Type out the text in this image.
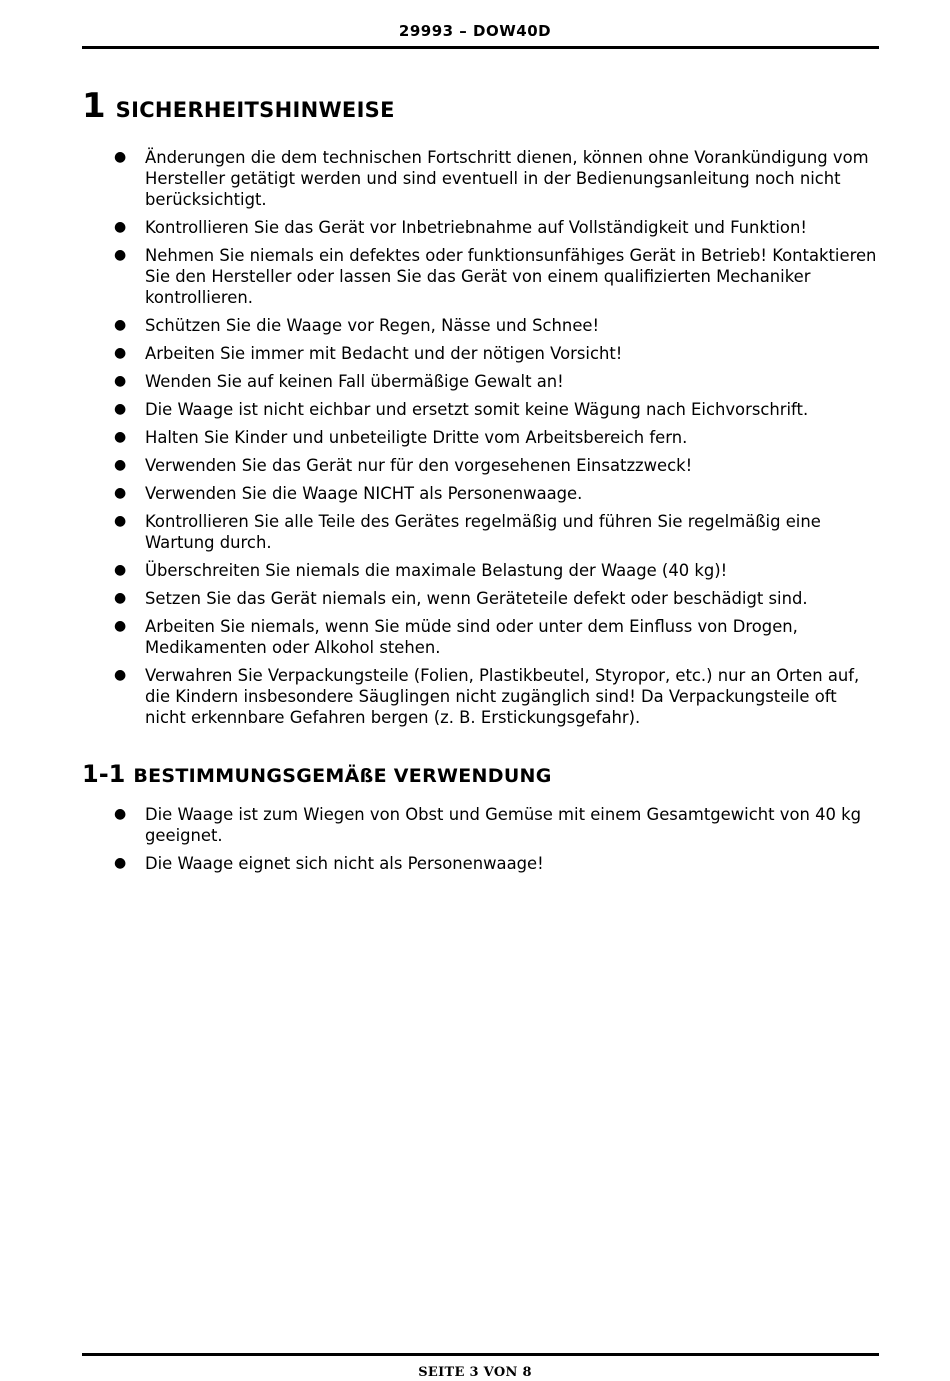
29993 – DOW40D
1 SICHERHEITSHINWEISE
● Änderungen die dem technischen Fortschritt dienen, können ohne Vorankündigung vom Hersteller getätigt werden und sind eventuell in der Bedienungsanleitung noch nicht berücksichtigt.
● Kontrollieren Sie das Gerät vor Inbetriebnahme auf Vollständigkeit und Funktion!
● Nehmen Sie niemals ein defektes oder funktionsunfähiges Gerät in Betrieb! Kontaktieren Sie den Hersteller oder lassen Sie das Gerät von einem qualifizierten Mechaniker kontrollieren.
● Schützen Sie die Waage vor Regen, Nässe und Schnee!
● Arbeiten Sie immer mit Bedacht und der nötigen Vorsicht!
● Wenden Sie auf keinen Fall übermäßige Gewalt an!
● Die Waage ist nicht eichbar und ersetzt somit keine Wägung nach Eichvorschrift.
● Halten Sie Kinder und unbeteiligte Dritte vom Arbeitsbereich fern.
● Verwenden Sie das Gerät nur für den vorgesehenen Einsatzzweck!
● Verwenden Sie die Waage NICHT als Personenwaage.
● Kontrollieren Sie alle Teile des Gerätes regelmäßig und führen Sie regelmäßig eine Wartung durch.
● Überschreiten Sie niemals die maximale Belastung der Waage (40 kg)!
● Setzen Sie das Gerät niemals ein, wenn Geräteteile defekt oder beschädigt sind.
● Arbeiten Sie niemals, wenn Sie müde sind oder unter dem Einfluss von Drogen, Medikamenten oder Alkohol stehen.
● Verwahren Sie Verpackungsteile (Folien, Plastikbeutel, Styropor, etc.) nur an Orten auf, die Kindern insbesondere Säuglingen nicht zugänglich sind! Da Verpackungsteile oft nicht erkennbare Gefahren bergen (z. B. Erstickungsgefahr).
1-1 BESTIMMUNGSGEMÄßE VERWENDUNG
● Die Waage ist zum Wiegen von Obst und Gemüse mit einem Gesamtgewicht von 40 kg geeignet.
● Die Waage eignet sich nicht als Personenwaage!
SEITE 3 VON 8
